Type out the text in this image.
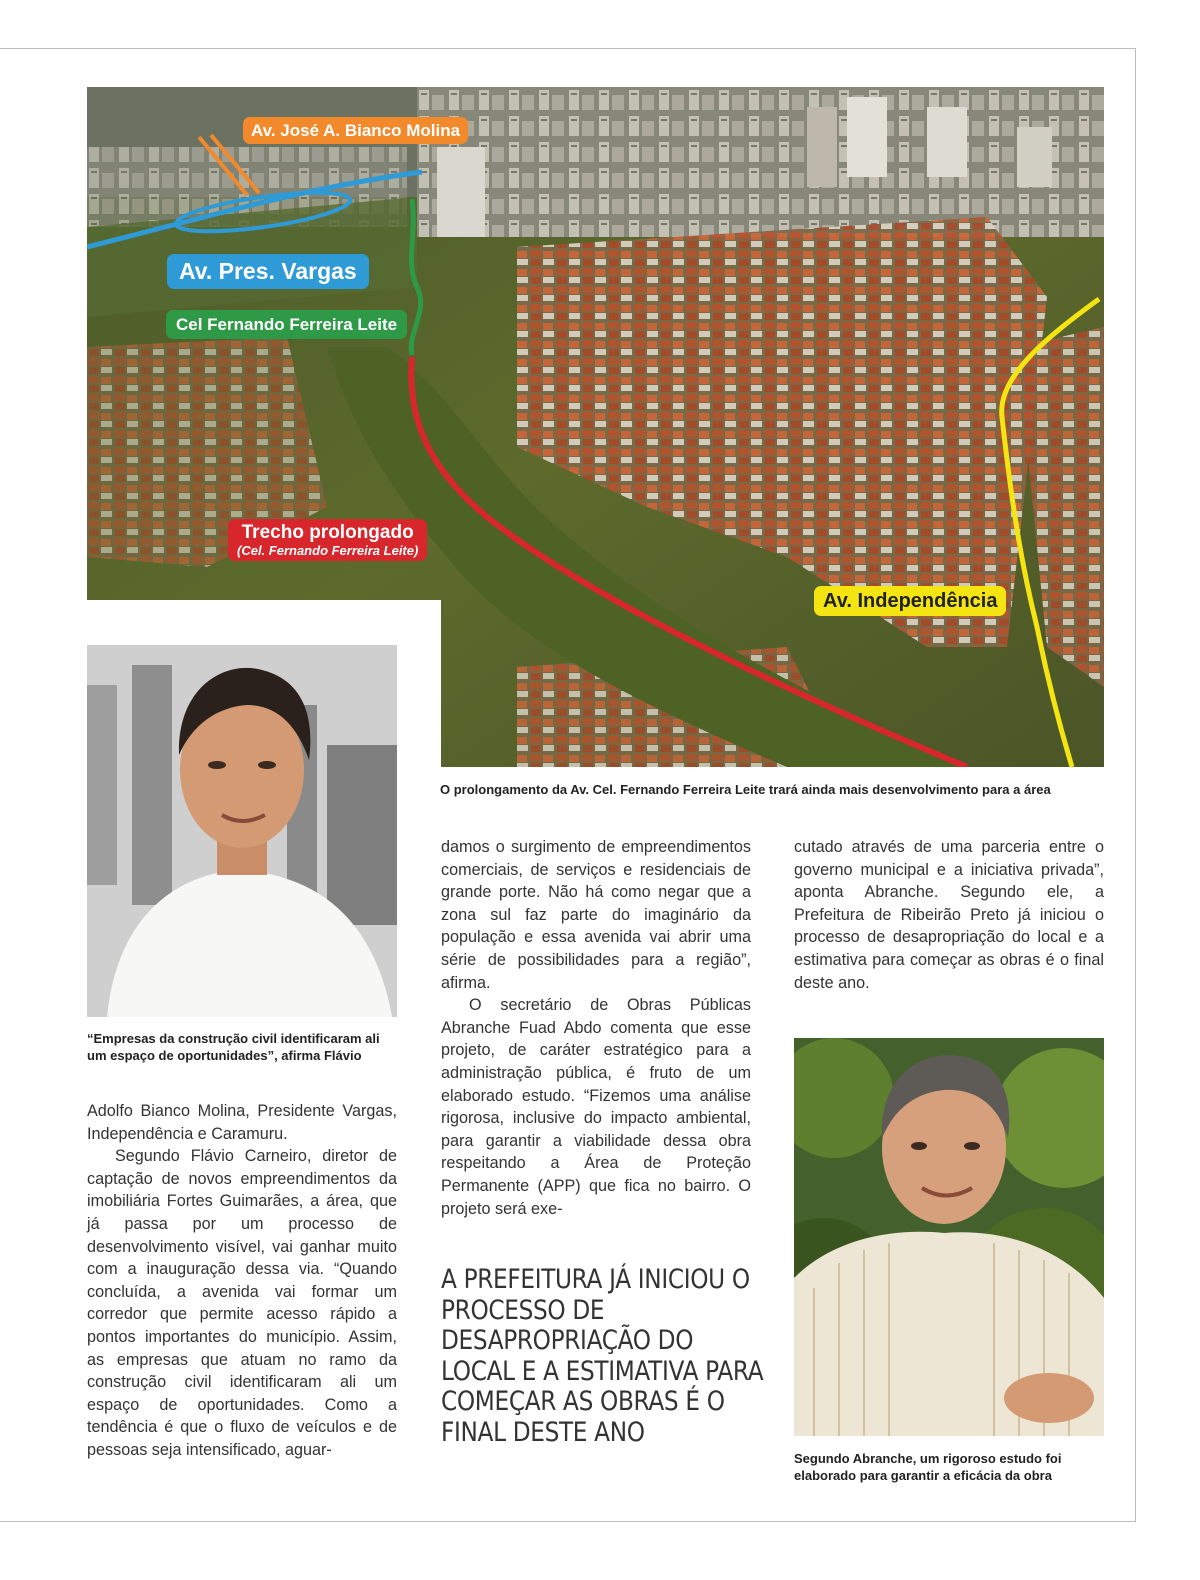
Av. José A. Bianco Molina
Av. Pres. Vargas
Cel Fernando Ferreira Leite
Trecho prolongado
(Cel. Fernando Ferreira Leite)
Av. Independência
O prolongamento da Av. Cel. Fernando Ferreira Leite trará ainda mais desenvolvimento para a área
“Empresas da construção civil identificaram ali
um espaço de oportunidades”, afirma Flávio
Segundo Abranche, um rigoroso estudo foi
elaborado para garantir a eficácia da obra

Adolfo Bianco Molina, Presidente Vargas, Independência e Caramuru.

Segundo Flávio Carneiro, diretor de captação de novos empreendimentos da imobiliária Fortes Guimarães, a área, que já passa por um processo de desenvolvimento visível, vai ganhar muito com a inauguração dessa via. “Quando concluída, a avenida vai formar um corredor que permite acesso rápido a pontos importantes do município. Assim, as empresas que atuam no ramo da construção civil identificaram ali um espaço de oportunidades. Como a tendência é que o fluxo de veículos e de pessoas seja intensificado, aguar-

damos o surgimento de empreendimentos comerciais, de serviços e residenciais de grande porte. Não há como negar que a zona sul faz parte do imaginário da população e essa avenida vai abrir uma série de possibilidades para a região”, afirma.

O secretário de Obras Públicas Abranche Fuad Abdo comenta que esse projeto, de caráter estratégico para a administração pública, é fruto de um elaborado estudo. “Fizemos uma análise rigorosa, inclusive do impacto ambiental, para garantir a viabilidade dessa obra respeitando a Área de Proteção Permanente (APP) que fica no bairro. O projeto será exe-

cutado através de uma parceria entre o governo municipal e a iniciativa privada”, aponta Abranche. Segundo ele, a Prefeitura de Ribeirão Preto já iniciou o processo de desapropriação do local e a estimativa para começar as obras é o final deste ano.

A PREFEITURA JÁ INICIOU O PROCESSO DE DESAPROPRIAÇÃO DO LOCAL E A ESTIMATIVA PARA COMEÇAR AS OBRAS É O FINAL DESTE ANO
